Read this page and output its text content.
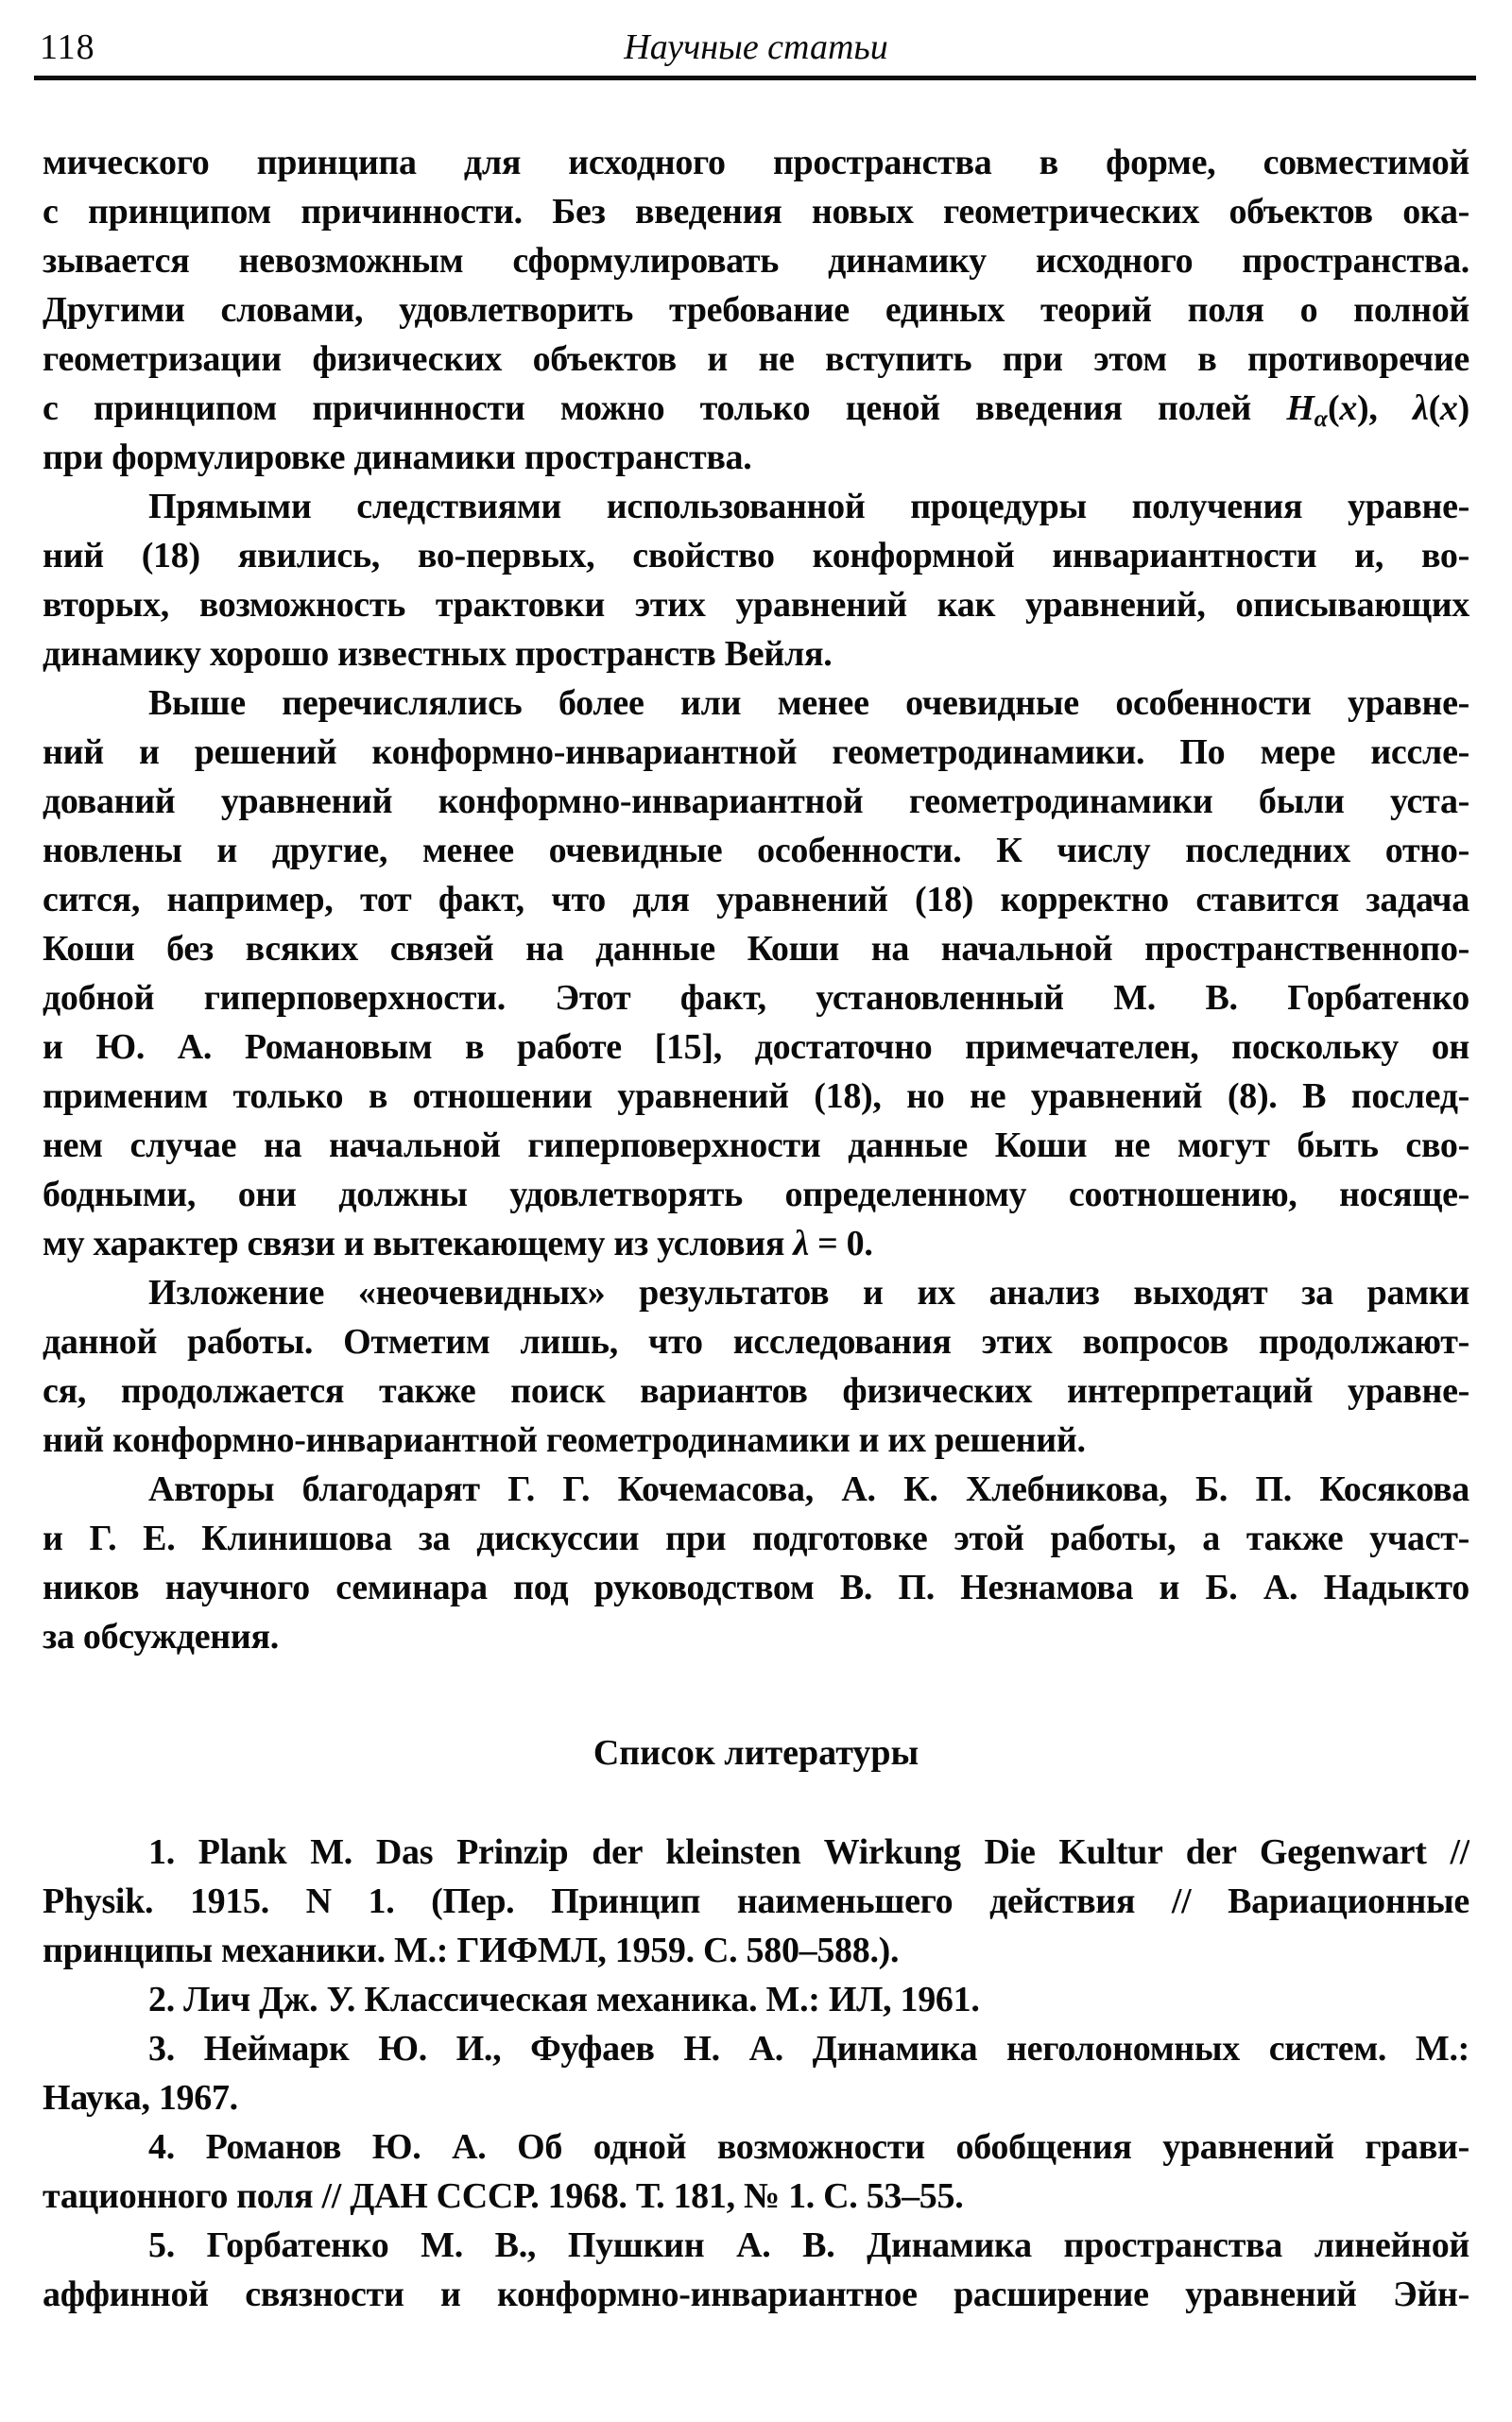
118	Научные статьи
мического принципа для исходного пространства в форме, совместимой
с принципом причинности. Без введения новых геометрических объектов ока-
зывается невозможным сформулировать динамику исходного пространства.
Другими словами, удовлетворить требование единых теорий поля о полной
геометризации физических объектов и не вступить при этом в противоречие
с принципом причинности можно только ценой введения полей Hα(x), λ(x)
при формулировке динамики пространства.
Прямыми следствиями использованной процедуры получения уравне-
ний (18) явились, во-первых, свойство конформной инвариантности и, во-
вторых, возможность трактовки этих уравнений как уравнений, описывающих
динамику хорошо известных пространств Вейля.
Выше перечислялись более или менее очевидные особенности уравне-
ний и решений конформно-инвариантной геометродинамики. По мере иссле-
дований уравнений конформно-инвариантной геометродинамики были уста-
новлены и другие, менее очевидные особенности. К числу последних отно-
сится, например, тот факт, что для уравнений (18) корректно ставится задача
Коши без всяких связей на данные Коши на начальной пространственнопо-
добной гиперповерхности. Этот факт, установленный М. В. Горбатенко
и Ю. А. Романовым в работе [15], достаточно примечателен, поскольку он
применим только в отношении уравнений (18), но не уравнений (8). В послед-
нем случае на начальной гиперповерхности данные Коши не могут быть сво-
бодными, они должны удовлетворять определенному соотношению, носяще-
му характер связи и вытекающему из условия λ = 0.
Изложение «неочевидных» результатов и их анализ выходят за рамки
данной работы. Отметим лишь, что исследования этих вопросов продолжают-
ся, продолжается также поиск вариантов физических интерпретаций уравне-
ний конформно-инвариантной геометродинамики и их решений.
Авторы благодарят Г. Г. Кочемасова, А. К. Хлебникова, Б. П. Косякова
и Г. Е. Клинишова за дискуссии при подготовке этой работы, а также участ-
ников научного семинара под руководством В. П. Незнамова и Б. А. Надыкто
за обсуждения.
Список литературы
1. Plank M. Das Prinzip der kleinsten Wirkung Die Kultur der Gegenwart //
Physik. 1915. N 1. (Пер. Принцип наименьшего действия // Вариационные
принципы механики. М.: ГИФМЛ, 1959. С. 580–588.).
2. Лич Дж. У. Классическая механика. М.: ИЛ, 1961.
3. Неймарк Ю. И., Фуфаев Н. А. Динамика неголономных систем. М.:
Наука, 1967.
4. Романов Ю. А. Об одной возможности обобщения уравнений грави-
тационного поля // ДАН СССР. 1968. Т. 181, № 1. С. 53–55.
5. Горбатенко М. В., Пушкин А. В. Динамика пространства линейной
аффинной связности и конформно-инвариантное расширение уравнений Эйн-
